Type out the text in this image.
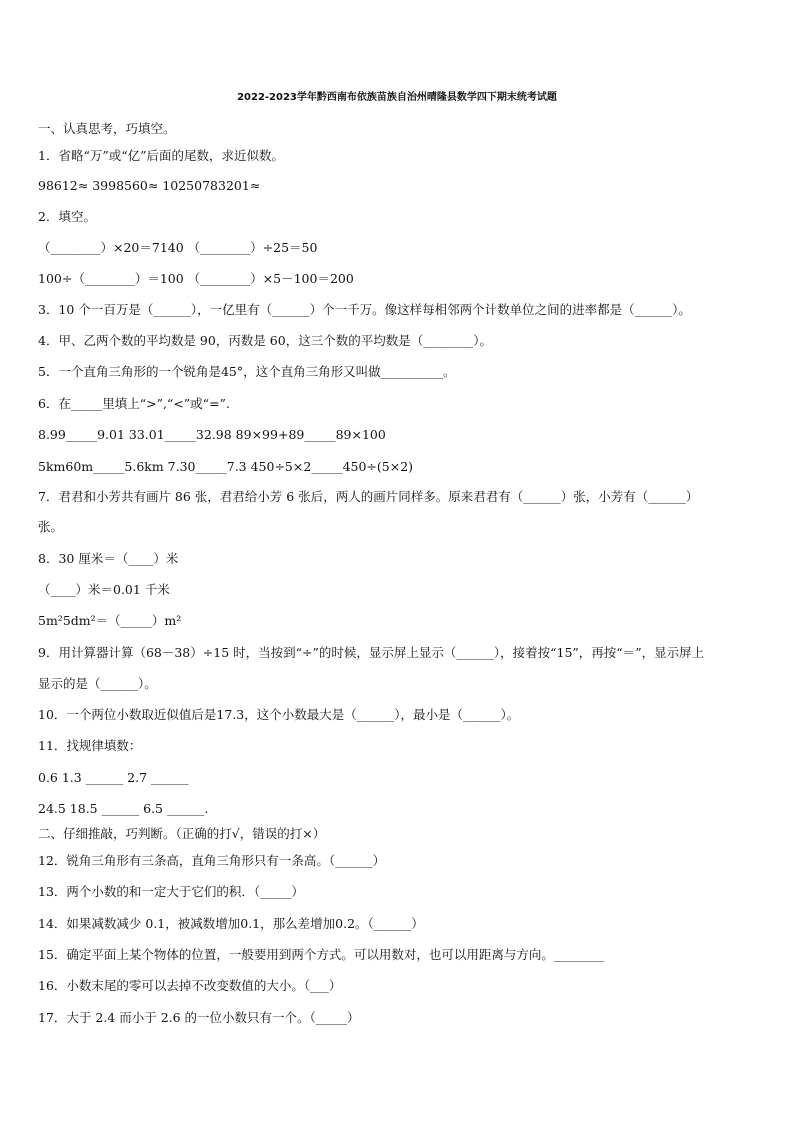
2022-2023学年黔西南布依族苗族自治州晴隆县数学四下期末统考试题
一、认真思考，巧填空。
1．省略“万”或“亿”后面的尾数，求近似数。
98612≈ 3998560≈ 10250783201≈
2．填空。
（________）×20＝7140 （________）÷25＝50
100÷（________）＝100 （________）×5－100＝200
3．10 个一百万是（______），一亿里有（______）个一千万。像这样每相邻两个计数单位之间的进率都是（______）。
4．甲、乙两个数的平均数是 90，丙数是 60，这三个数的平均数是（________）。
5．一个直角三角形的一个锐角是45°，这个直角三角形又叫做__________。
6．在_____里填上“>”,“<”或“=”.
8.99_____9.01 33.01_____32.98 89×99+89_____89×100
5km60m_____5.6km 7.30_____7.3 450÷5×2_____450÷(5×2)
7．君君和小芳共有画片 86 张，君君给小芳 6 张后，两人的画片同样多。原来君君有（______）张，小芳有（______）
张。
8．30 厘米＝（____）米
（____）米＝0.01 千米
5m²5dm²＝（_____）m²
9．用计算器计算（68－38）÷15 时，当按到“÷”的时候，显示屏上显示（______），接着按“15”，再按“＝”，显示屏上
显示的是（______）。
10．一个两位小数取近似值后是17.3，这个小数最大是（______），最小是（______）。
11．找规律填数：
0.6 1.3 ______ 2.7 ______
24.5 18.5 ______ 6.5 ______.
二、仔细推敲，巧判断。（正确的打√，错误的打×）
12．锐角三角形有三条高，直角三角形只有一条高。（______）
13．两个小数的和一定大于它们的积．（_____）
14．如果减数减少 0.1，被减数增加0.1，那么差增加0.2。（______）
15．确定平面上某个物体的位置，一般要用到两个方式。可以用数对，也可以用距离与方向。________
16．小数末尾的零可以去掉不改变数值的大小。（___）
17．大于 2.4 而小于 2.6 的一位小数只有一个。（_____）
